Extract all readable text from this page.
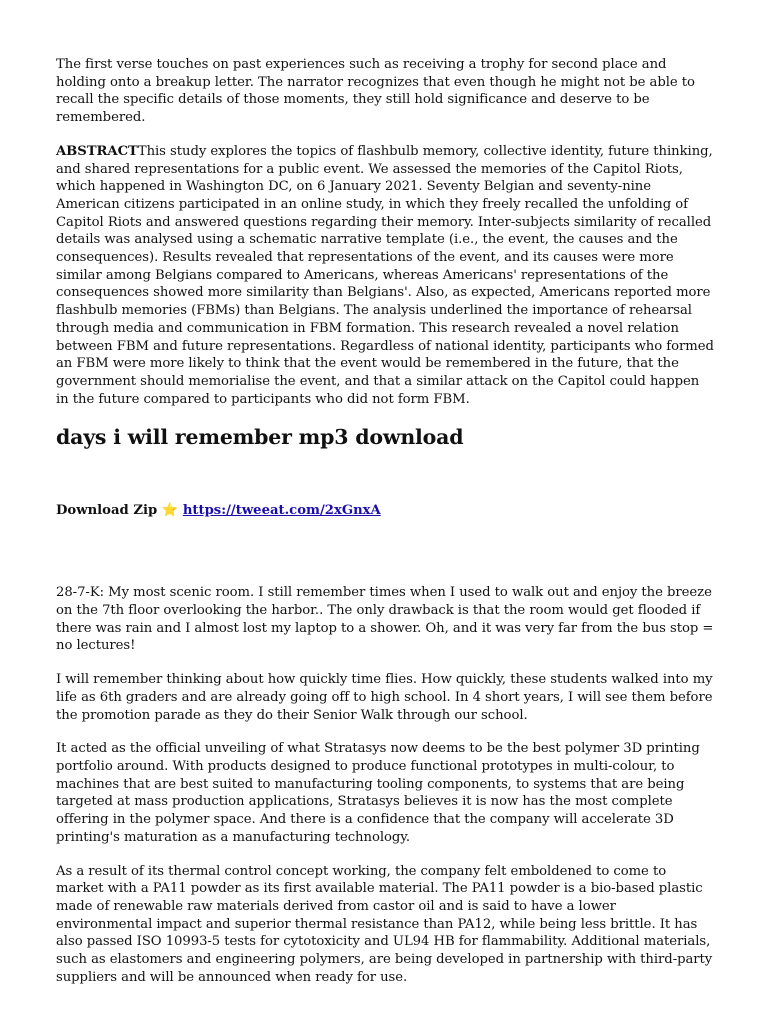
The first verse touches on past experiences such as receiving a trophy for second place and holding onto a breakup letter. The narrator recognizes that even though he might not be able to recall the specific details of those moments, they still hold significance and deserve to be remembered.

ABSTRACTThis study explores the topics of flashbulb memory, collective identity, future thinking, and shared representations for a public event. We assessed the memories of the Capitol Riots, which happened in Washington DC, on 6 January 2021. Seventy Belgian and seventy-nine American citizens participated in an online study, in which they freely recalled the unfolding of Capitol Riots and answered questions regarding their memory. Inter-subjects similarity of recalled details was analysed using a schematic narrative template (i.e., the event, the causes and the consequences). Results revealed that representations of the event, and its causes were more similar among Belgians compared to Americans, whereas Americans' representations of the consequences showed more similarity than Belgians'. Also, as expected, Americans reported more flashbulb memories (FBMs) than Belgians. The analysis underlined the importance of rehearsal through media and communication in FBM formation. This research revealed a novel relation between FBM and future representations. Regardless of national identity, participants who formed an FBM were more likely to think that the event would be remembered in the future, that the government should memorialise the event, and that a similar attack on the Capitol could happen in the future compared to participants who did not form FBM.

days i will remember mp3 download
Download Zip ⭐ https://tweeat.com/2xGnxA

28-7-K: My most scenic room. I still remember times when I used to walk out and enjoy the breeze on the 7th floor overlooking the harbor.. The only drawback is that the room would get flooded if there was rain and I almost lost my laptop to a shower. Oh, and it was very far from the bus stop = no lectures!

I will remember thinking about how quickly time flies. How quickly, these students walked into my life as 6th graders and are already going off to high school. In 4 short years, I will see them before the promotion parade as they do their Senior Walk through our school.

It acted as the official unveiling of what Stratasys now deems to be the best polymer 3D printing portfolio around. With products designed to produce functional prototypes in multi-colour, to machines that are best suited to manufacturing tooling components, to systems that are being targeted at mass production applications, Stratasys believes it is now has the most complete offering in the polymer space. And there is a confidence that the company will accelerate 3D printing's maturation as a manufacturing technology.

As a result of its thermal control concept working, the company felt emboldened to come to market with a PA11 powder as its first available material. The PA11 powder is a bio-based plastic made of renewable raw materials derived from castor oil and is said to have a lower environmental impact and superior thermal resistance than PA12, while being less brittle. It has also passed ISO 10993-5 tests for cytotoxicity and UL94 HB for flammability. Additional materials, such as elastomers and engineering polymers, are being developed in partnership with third-party suppliers and will be announced when ready for use.
